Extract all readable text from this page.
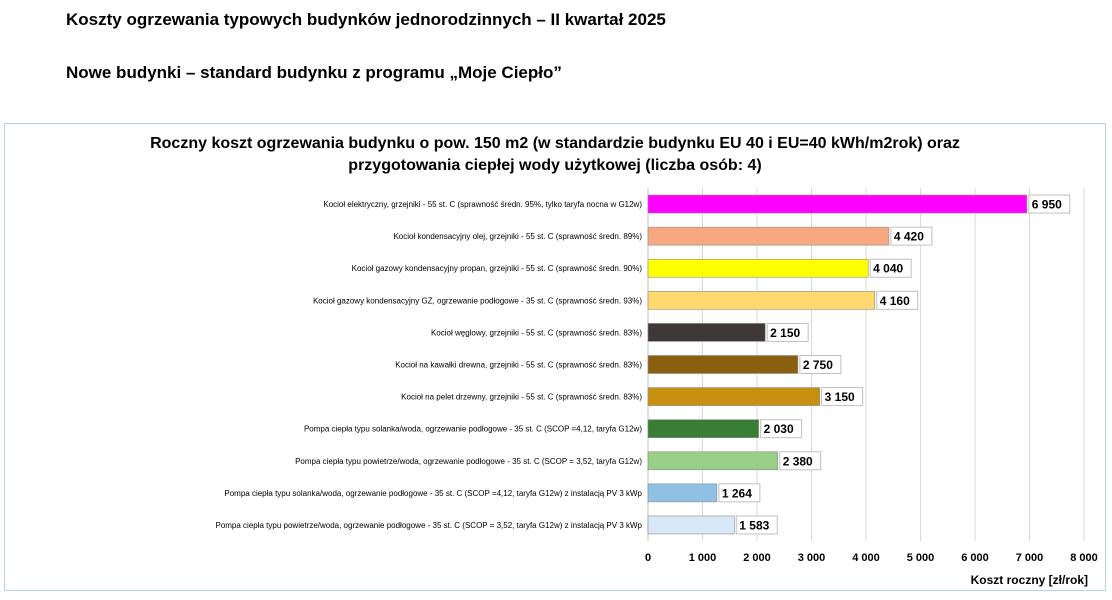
Koszty ogrzewania typowych budynków jednorodzinnych – II kwartał 2025
Nowe budynki – standard budynku z programu „Moje Ciepło”
Roczny koszt ogrzewania budynku o pow. 150 m2 (w standardzie budynku EU 40 i EU=40 kWh/m2rok) oraz
przygotowania ciepłej wody użytkowej (liczba osób: 4)
Kocioł elektryczny, grzejniki - 55 st. C (sprawność średn. 95%, tylko taryfa nocna w G12w)	6 950
Kocioł kondensacyjny olej, grzejniki - 55 st. C (sprawność średn. 89%)	4 420
Kocioł gazowy kondensacyjny propan, grzejniki - 55 st. C (sprawność średn. 90%)	4 040
Kocioł gazowy kondensacyjny GZ, ogrzewanie podłogowe - 35 st. C (sprawność średn. 93%)	4 160
Kocioł węglowy, grzejniki - 55 st. C (sprawność średn. 83%)	2 150
Kocioł na kawałki drewna, grzejniki - 55 st. C (sprawność średn. 83%)	2 750
Kocioł na pelet drzewny, grzejniki - 55 st. C (sprawność średn. 83%)	3 150
Pompa ciepła typu solanka/woda, ogrzewanie podłogowe - 35 st. C (SCOP =4,12, taryfa G12w)	2 030
Pompa ciepła typu powietrze/woda, ogrzewanie podłogowe - 35 st. C (SCOP = 3,52, taryfa G12w)	2 380
Pompa ciepła typu solanka/woda, ogrzewanie podłogowe - 35 st. C (SCOP =4,12, taryfa G12w) z instalacją PV 3 kWp	1 264
Pompa ciepła typu powietrze/woda, ogrzewanie podłogowe - 35 st. C (SCOP = 3,52, taryfa G12w) z instalacją PV 3 kWp	1 583
0	1 000 2 000 3 000 4 000 5 000 6 000 7 000 8 000
Koszt roczny [zł/rok]
